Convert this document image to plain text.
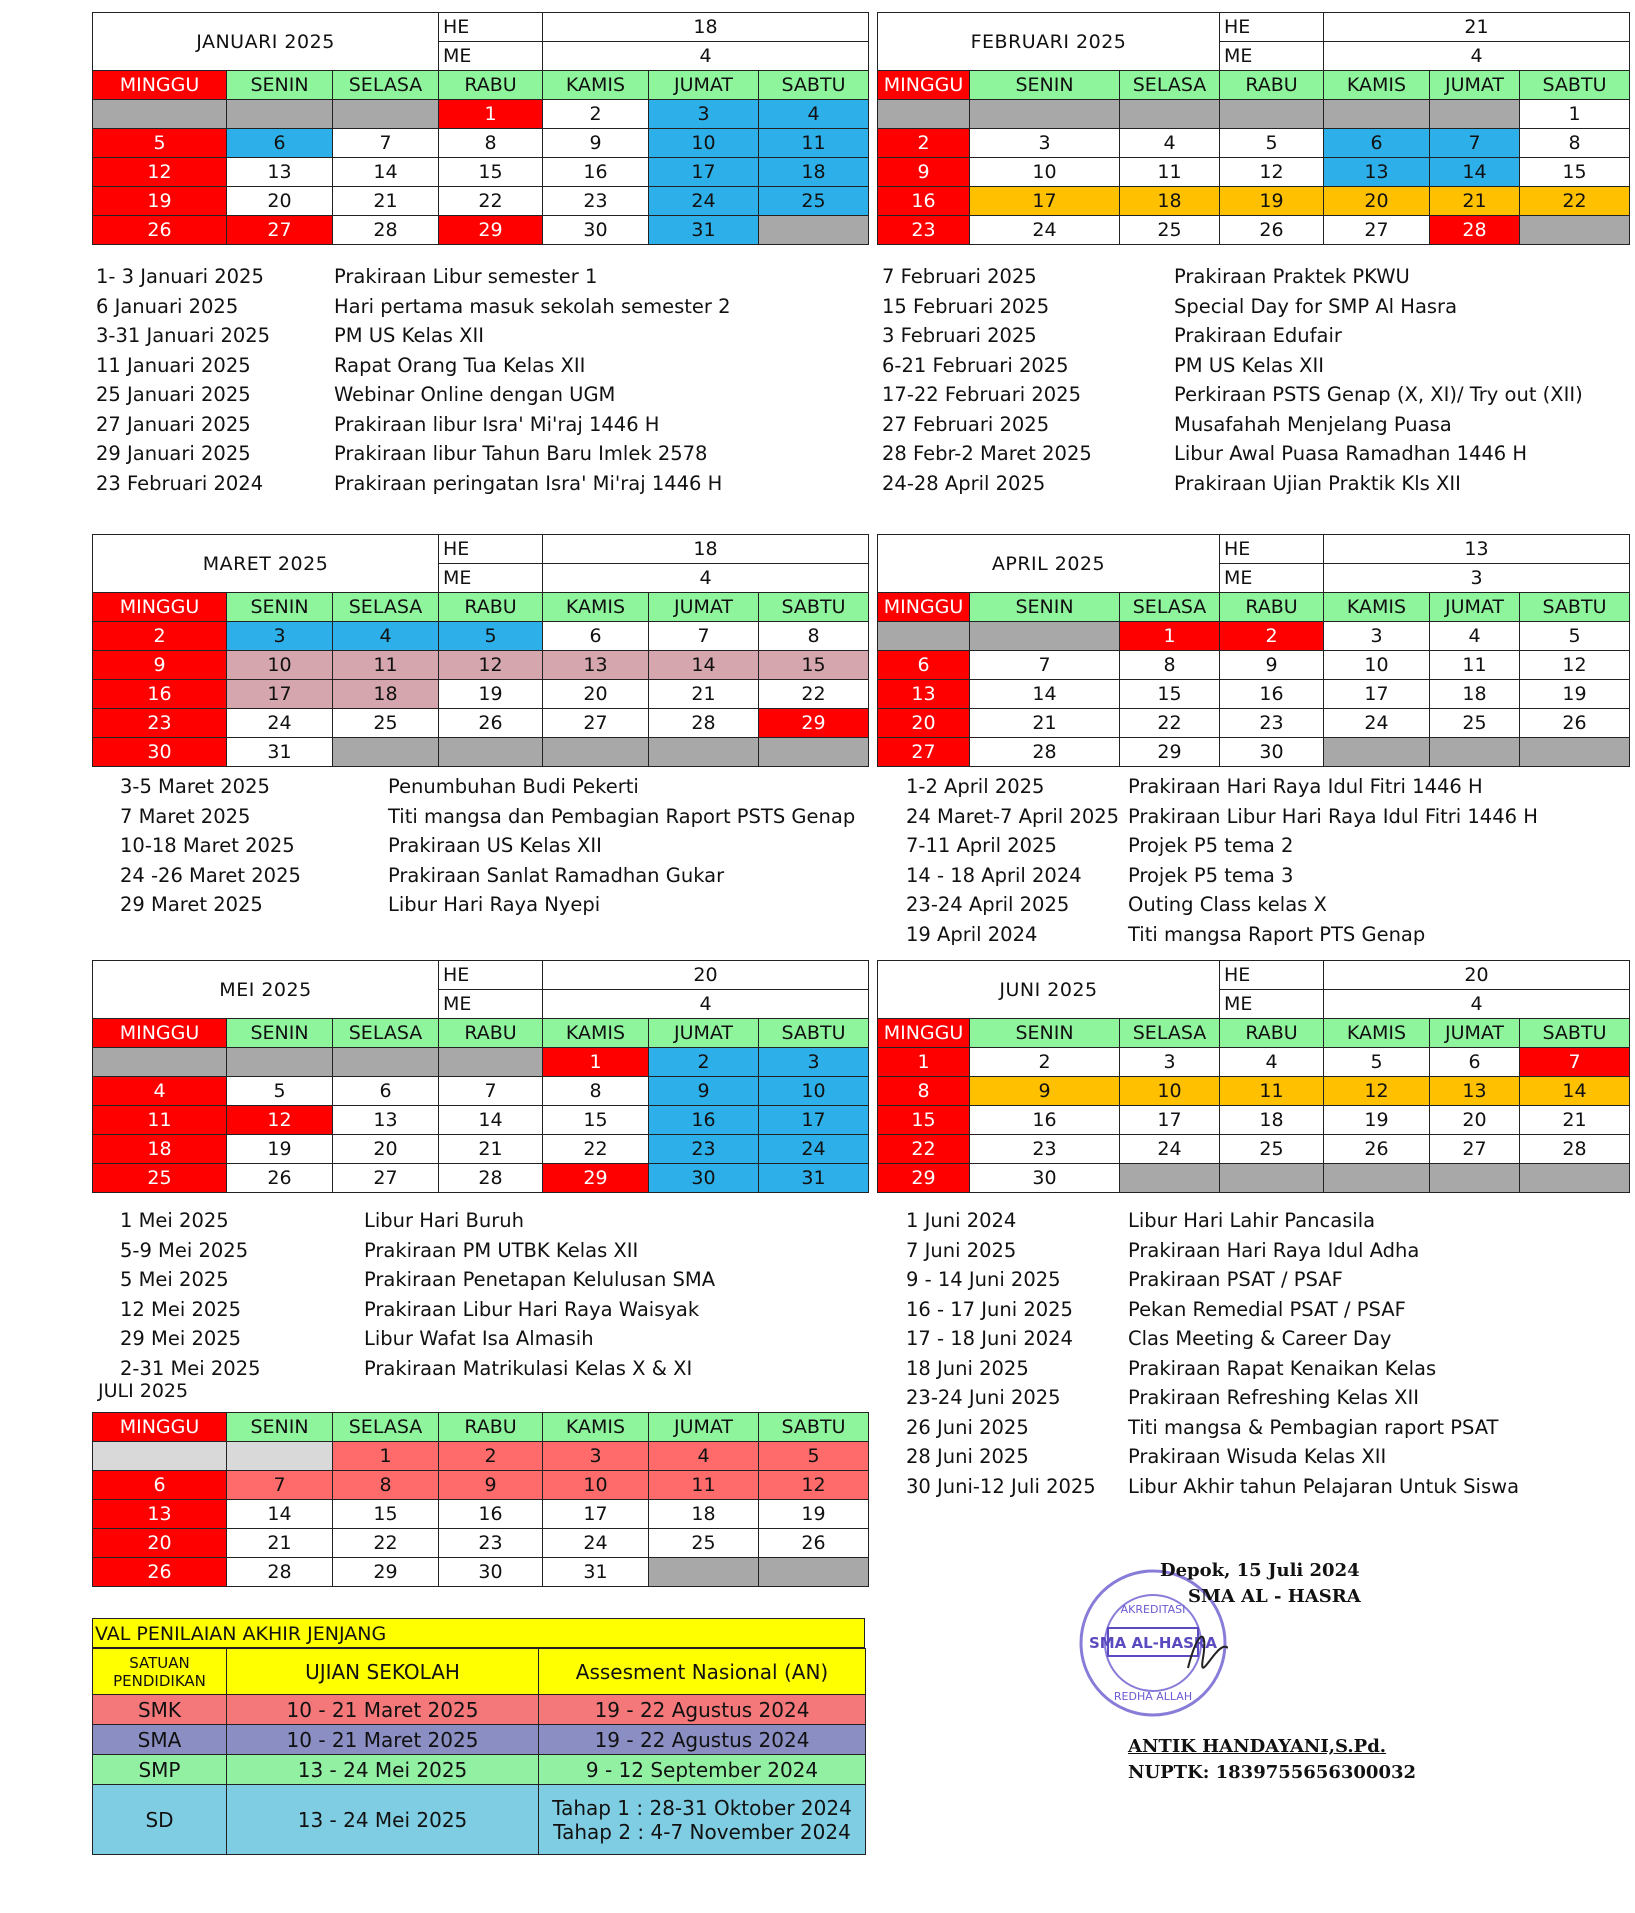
JANUARI 2025			HE	18		
			ME	4		
MINGGU	SENIN	SELASA	RABU	KAMIS	JUMAT	SABTU
			1	2	3	4
5	6	7	8	9	10	11
12	13	14	15	16	17	18
19	20	21	22	23	24	25
26	27	28	29	30	31	
FEBRUARI 2025			HE	21		
			ME	4		
MINGGU	SENIN	SELASA	RABU	KAMIS	JUMAT	SABTU
						1
2	3	4	5	6	7	8
9	10	11	12	13	14	15
16	17	18	19	20	21	22
23	24	25	26	27	28	
MARET 2025			HE	18		
			ME	4		
MINGGU	SENIN	SELASA	RABU	KAMIS	JUMAT	SABTU
2	3	4	5	6	7	8
9	10	11	12	13	14	15
16	17	18	19	20	21	22
23	24	25	26	27	28	29
30	31					
APRIL 2025			HE	13		
			ME	3		
MINGGU	SENIN	SELASA	RABU	KAMIS	JUMAT	SABTU
		1	2	3	4	5
6	7	8	9	10	11	12
13	14	15	16	17	18	19
20	21	22	23	24	25	26
27	28	29	30			
MEI 2025			HE	20		
			ME	4		
MINGGU	SENIN	SELASA	RABU	KAMIS	JUMAT	SABTU
				1	2	3
4	5	6	7	8	9	10
11	12	13	14	15	16	17
18	19	20	21	22	23	24
25	26	27	28	29	30	31
JUNI 2025			HE	20		
			ME	4		
MINGGU	SENIN	SELASA	RABU	KAMIS	JUMAT	SABTU
1	2	3	4	5	6	7
8	9	10	11	12	13	14
15	16	17	18	19	20	21
22	23	24	25	26	27	28
29	30					
1- 3 Januari 2025	Prakiraan Libur semester 1
6 Januari 2025	Hari pertama masuk sekolah semester 2
3-31 Januari 2025	PM US Kelas XII
11 Januari 2025	Rapat Orang Tua Kelas XII
25 Januari 2025	Webinar Online dengan UGM
27 Januari 2025	Prakiraan libur Isra' Mi'raj 1446 H
29 Januari 2025	Prakiraan libur Tahun Baru Imlek 2578
23 Februari 2024	Prakiraan peringatan Isra' Mi'raj 1446 H
7 Februari 2025	Prakiraan Praktek PKWU
15 Februari 2025	Special Day for SMP Al Hasra
3 Februari 2025	Prakiraan Edufair
6-21 Februari 2025	PM US Kelas XII
17-22 Februari 2025	Perkiraan PSTS Genap (X, XI)/ Try out (XII)
27 Februari 2025	Musafahah Menjelang Puasa
28 Febr-2 Maret 2025	Libur Awal Puasa Ramadhan 1446 H
24-28 April 2025	Prakiraan Ujian Praktik Kls XII
3-5 Maret 2025	Penumbuhan Budi Pekerti
7 Maret 2025	Titi mangsa dan Pembagian Raport PSTS Genap
10-18 Maret 2025	Prakiraan US Kelas XII
24 -26 Maret 2025	Prakiraan Sanlat Ramadhan Gukar
29 Maret 2025	Libur Hari Raya Nyepi
1-2 April 2025	Prakiraan Hari Raya Idul Fitri 1446 H
24 Maret-7 April 2025 Prakiraan Libur Hari Raya Idul Fitri 1446 H
7-11 April 2025	Projek P5 tema 2
14 - 18 April 2024 Projek P5 tema 3
23-24 April 2025	Outing Class kelas X
19 April 2024	Titi mangsa Raport PTS Genap
1 Mei 2025	Libur Hari Buruh
5-9 Mei 2025	Prakiraan PM UTBK Kelas XII
5 Mei 2025	Prakiraan Penetapan Kelulusan SMA
12 Mei 2025	Prakiraan Libur Hari Raya Waisyak
29 Mei 2025	Libur Wafat Isa Almasih
2-31 Mei 2025	Prakiraan Matrikulasi Kelas X & XI
1 Juni 2024	Libur Hari Lahir Pancasila
7 Juni 2025	Prakiraan Hari Raya Idul Adha
9 - 14 Juni 2025	Prakiraan PSAT / PSAF
16 - 17 Juni 2025	Pekan Remedial PSAT / PSAF
17 - 18 Juni 2024	Clas Meeting & Career Day
18 Juni 2025	Prakiraan Rapat Kenaikan Kelas
23-24 Juni 2025	Prakiraan Refreshing Kelas XII
26 Juni 2025	Titi mangsa & Pembagian raport PSAT
28 Juni 2025	Prakiraan Wisuda Kelas XII
30 Juni-12 Juli 2025 Libur Akhir tahun Pelajaran Untuk Siswa
JULI 2025
MINGGU	SENIN	SELASA	RABU	KAMIS	JUMAT	SABTU
		1	2	3	4	5
6	7	8	9	10	11	12
13	14	15	16	17	18	19
20	21	22	23	24	25	26
26	28	29	30	31		
VAL PENILAIAN AKHIR JENJANG
SATUAN PENDIDIKAN	UJIAN SEKOLAH	Assesment Nasional (AN)
SMK	10 - 21 Maret 2025	19 - 22 Agustus 2024

SMA	10 - 21 Maret 2025	19 - 22 Agustus 2024

SMP	13 - 24 Mei 2025	9 - 12 September 2024

SD	13 - 24 Mei 2025	Tahap 1 : 28-31 Oktober 2024
Tahap 2 : 4-7 November 2024
SMA AL-HASRA
AKREDITASI
REDHA ALLAH
Depok, 15 Juli 2024
SMA AL - HASRA
ANTIK HANDAYANI,S.Pd.
NUPTK: 1839755656300032
